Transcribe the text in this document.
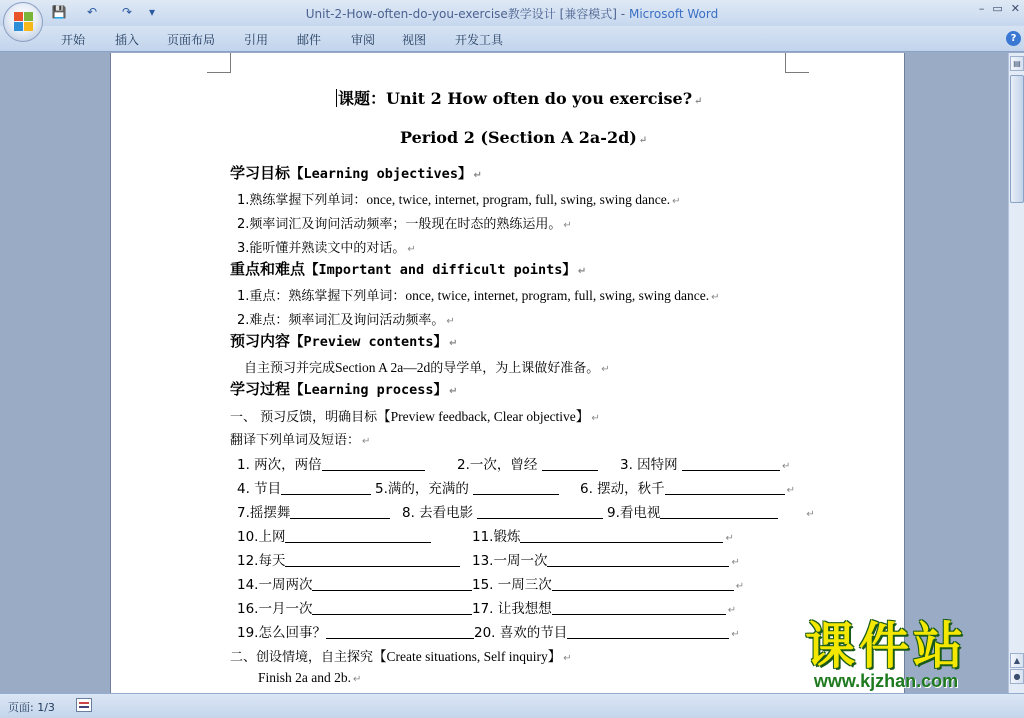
💾	↶	↷	▾	Unit-2-How-often-do-you-exercise教学设计 [兼容模式] - Microsoft Word	– ▭ ✕
开始 插入 页面布局 引用 邮件 审阅 视图 开发工具	?
课题：Unit 2 How often do you exercise? ↵
Period 2 (Section A 2a-2d) ↵
学习目标【Learning objectives】 ↵
1.熟练掌握下列单词：once, twice, internet, program, full, swing, swing dance. ↵
2.频率词汇及询问活动频率；一般现在时态的熟练运用。 ↵
3.能听懂并熟读文中的对话。 ↵
重点和难点【Important and difficult points】 ↵
1.重点：熟练掌握下列单词：once, twice, internet, program, full, swing, swing dance. ↵
2.难点：频率词汇及询问活动频率。 ↵
预习内容【Preview contents】 ↵
自主预习并完成Section A 2a—2d的导学单，为上课做好准备。 ↵
学习过程【Learning process】 ↵
一、 预习反馈，明确目标【Preview feedback, Clear objective】 ↵
翻译下列单词及短语： ↵
1. 两次，两倍	2.一次，曾经	3. 因特网	↵
4. 节目	5.满的，充满的	6. 摆动，秋千	↵
7.摇摆舞	8. 去看电影	9.看电视	↵
10.上网	11.锻炼	↵
12.每天	13.一周一次	↵
14.一周两次	15. 一周三次	↵
16.一月一次	17. 让我想想	↵
19.怎么回事？	20. 喜欢的节目	↵
二、创设情境，自主探究【Create situations, Self inquiry】 ↵
Finish 2a and 2b. ↵
▤
▲
●
页面: 1/3
课件站
www.kjzhan.com
